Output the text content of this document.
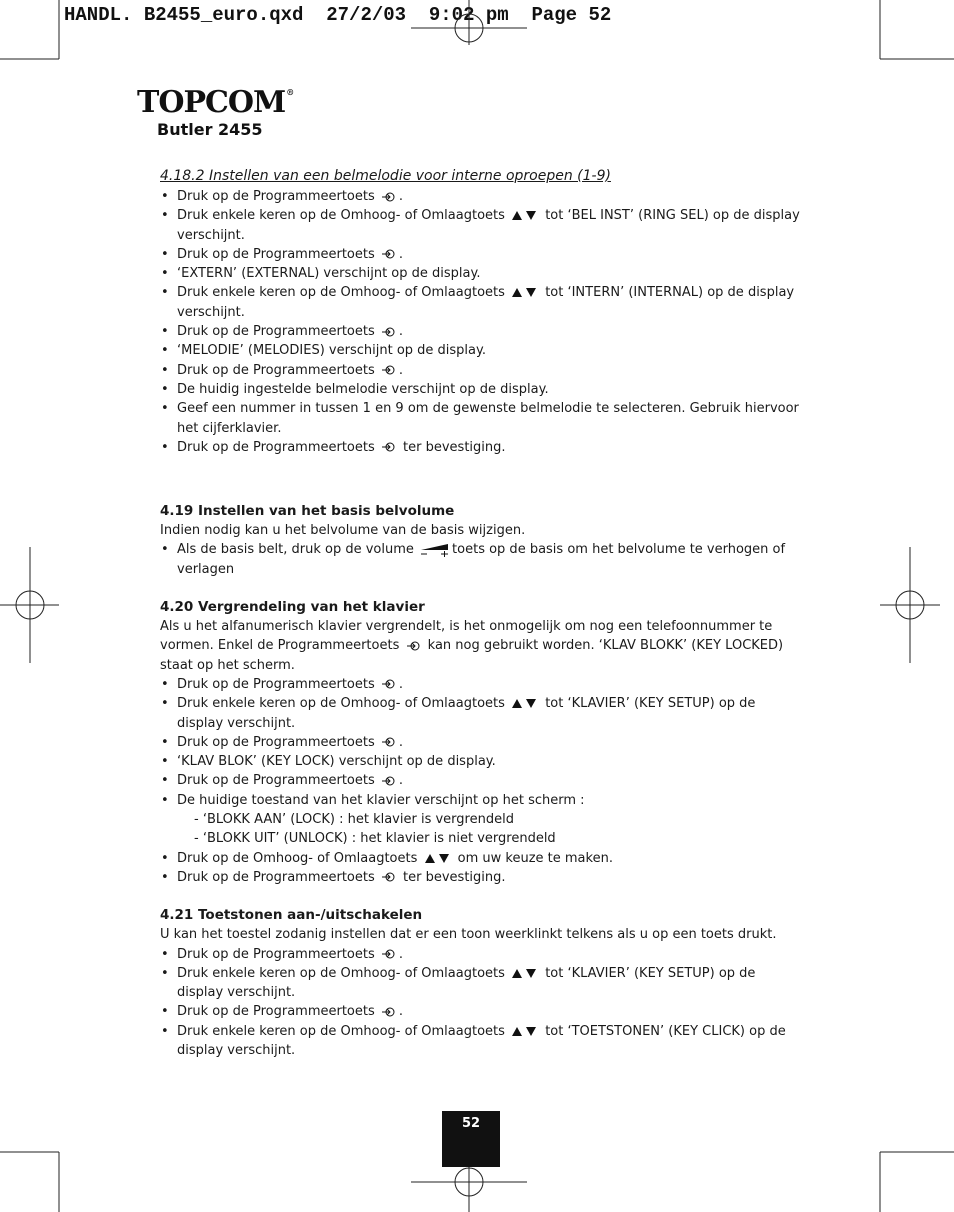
HANDL. B2455_euro.qxd  27/2/03  9:02 pm  Page 52
TOPCOM®
Butler 2455

4.18.2 Instellen van een belmelodie voor interne oproepen (1-9)

• Druk op de Programmeertoets .
• Druk enkele keren op de Omhoog- of Omlaagtoets	tot ‘BEL INST’ (RING SEL) op de display verschijnt.
• Druk op de Programmeertoets .
• ‘EXTERN’ (EXTERNAL) verschijnt op de display.
• Druk enkele keren op de Omhoog- of Omlaagtoets	tot ‘INTERN’ (INTERNAL) op de display verschijnt.
• Druk op de Programmeertoets .
• ‘MELODIE’ (MELODIES) verschijnt op de display.
• Druk op de Programmeertoets .
• De huidig ingestelde belmelodie verschijnt op de display.
• Geef een nummer in tussen 1 en 9 om de gewenste belmelodie te selecteren. Gebruik hiervoor het cijferklavier.
• Druk op de Programmeertoets ter bevestiging.

4.19 Instellen van het basis belvolume

Indien nodig kan u het belvolume van de basis wijzigen.

• Als de basis belt, druk op de volume	toets op de basis om het belvolume te verhogen of verlagen

4.20 Vergrendeling van het klavier

Als u het alfanumerisch klavier vergrendelt, is het onmogelijk om nog een telefoonnummer te vormen. Enkel de Programmeertoets kan nog gebruikt worden. ‘KLAV BLOKK’ (KEY LOCKED) staat op het scherm.

• Druk op de Programmeertoets .
• Druk enkele keren op de Omhoog- of Omlaagtoets	tot ‘KLAVIER’ (KEY SETUP) op de display verschijnt.
• Druk op de Programmeertoets .
• ‘KLAV BLOK’ (KEY LOCK) verschijnt op de display.
• Druk op de Programmeertoets .
• De huidige toestand van het klavier verschijnt op het scherm :
- ‘BLOKK AAN’ (LOCK) : het klavier is vergrendeld
- ‘BLOKK UIT’ (UNLOCK) : het klavier is niet vergrendeld
• Druk op de Omhoog- of Omlaagtoets	om uw keuze te maken.
• Druk op de Programmeertoets ter bevestiging.

4.21 Toetstonen aan-/uitschakelen

U kan het toestel zodanig instellen dat er een toon weerklinkt telkens als u op een toets drukt.

• Druk op de Programmeertoets .
• Druk enkele keren op de Omhoog- of Omlaagtoets	tot ‘KLAVIER’ (KEY SETUP) op de display verschijnt.
• Druk op de Programmeertoets .
• Druk enkele keren op de Omhoog- of Omlaagtoets	tot ‘TOETSTONEN’ (KEY CLICK) op de display verschijnt.
52
